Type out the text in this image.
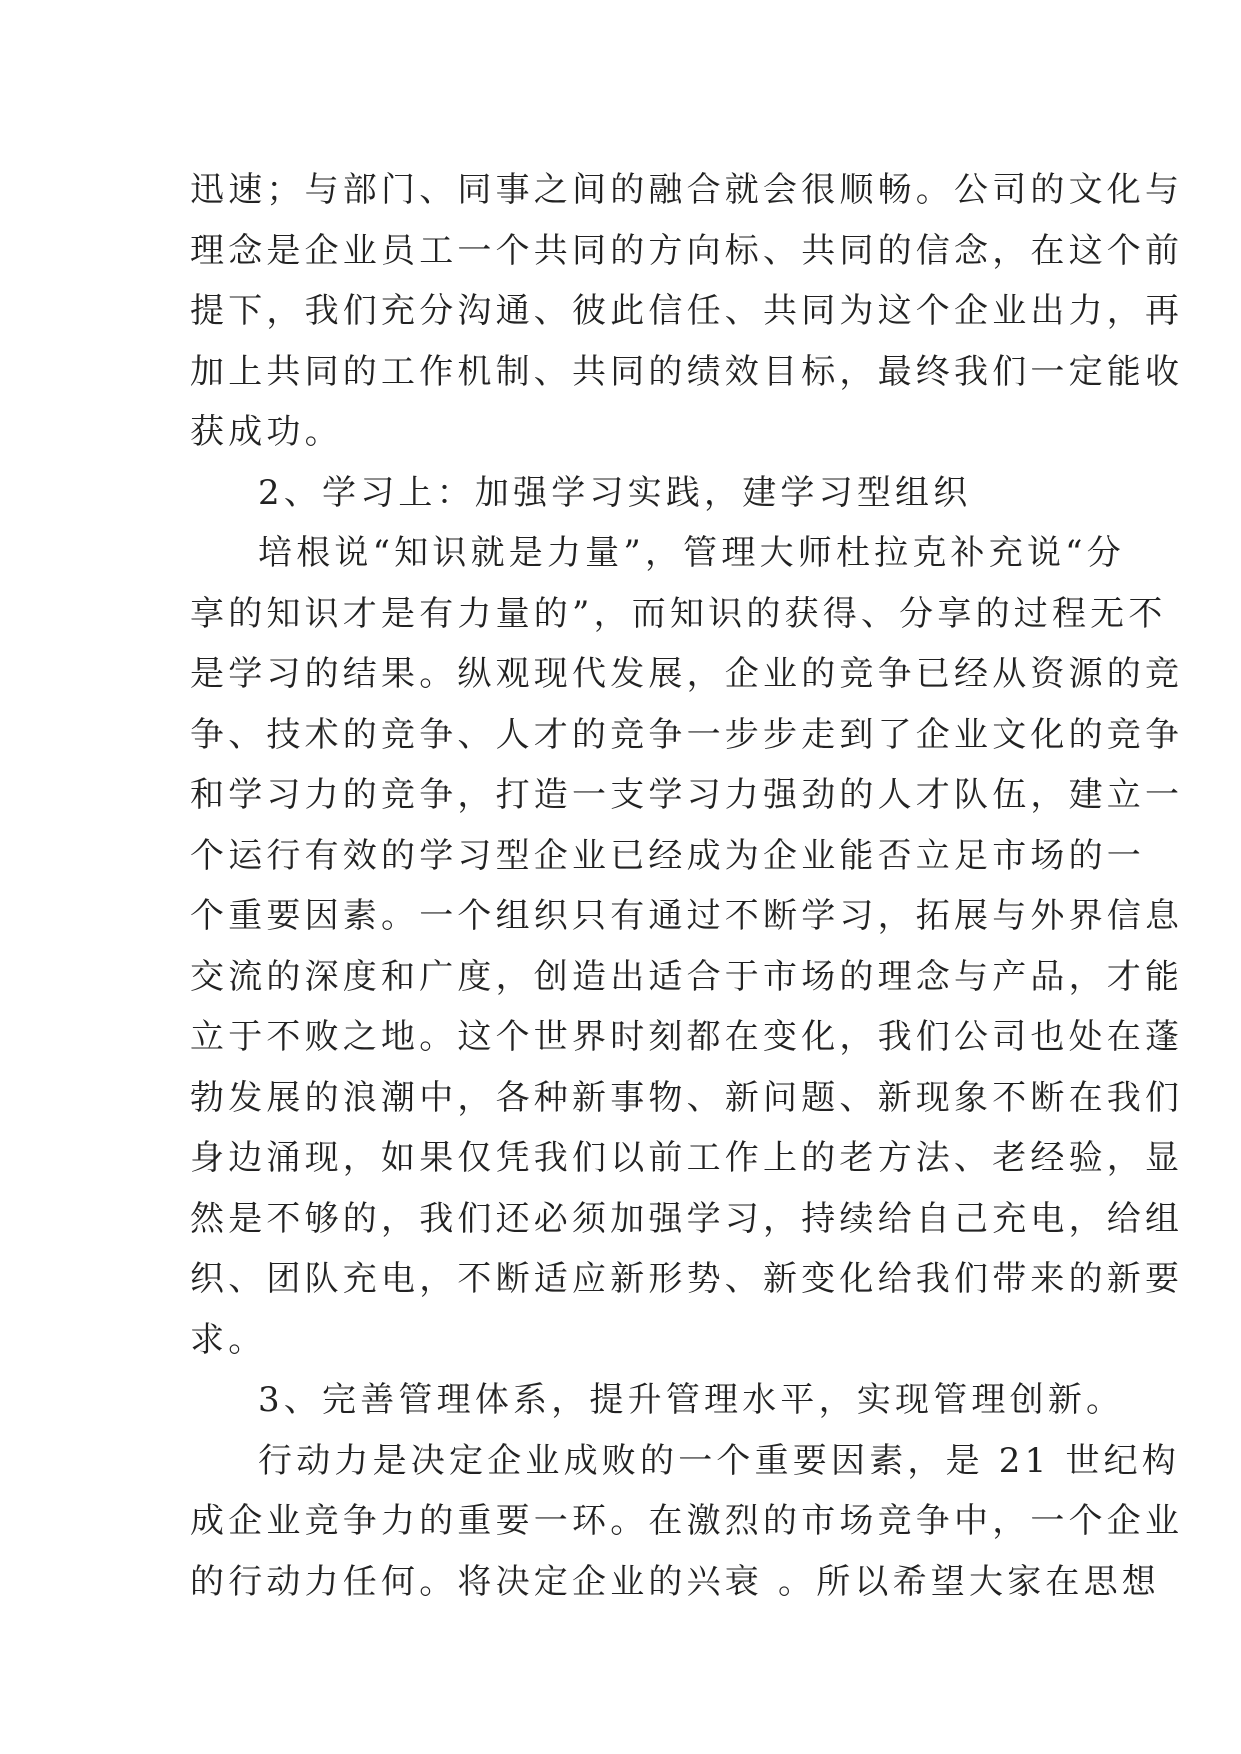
迅速；与部门、同事之间的融合就会很顺畅。公司的文化与
理念是企业员工一个共同的方向标、共同的信念，在这个前
提下，我们充分沟通、彼此信任、共同为这个企业出力，再
加上共同的工作机制、共同的绩效目标，最终我们一定能收
获成功。
2、学习上：加强学习实践，建学习型组织
培根说“知识就是力量”，管理大师杜拉克补充说“分
享的知识才是有力量的”，而知识的获得、分享的过程无不
是学习的结果。纵观现代发展，企业的竞争已经从资源的竞
争、技术的竞争、人才的竞争一步步走到了企业文化的竞争
和学习力的竞争，打造一支学习力强劲的人才队伍，建立一
个运行有效的学习型企业已经成为企业能否立足市场的一
个重要因素。一个组织只有通过不断学习，拓展与外界信息
交流的深度和广度，创造出适合于市场的理念与产品，才能
立于不败之地。这个世界时刻都在变化，我们公司也处在蓬
勃发展的浪潮中，各种新事物、新问题、新现象不断在我们
身边涌现，如果仅凭我们以前工作上的老方法、老经验，显
然是不够的，我们还必须加强学习，持续给自己充电，给组
织、团队充电，不断适应新形势、新变化给我们带来的新要
求。
3、完善管理体系，提升管理水平，实现管理创新。
行动力是决定企业成败的一个重要因素，是 21 世纪构
成企业竞争力的重要一环。在激烈的市场竞争中，一个企业
的行动力任何。将决定企业的兴衰 。所以希望大家在思想
